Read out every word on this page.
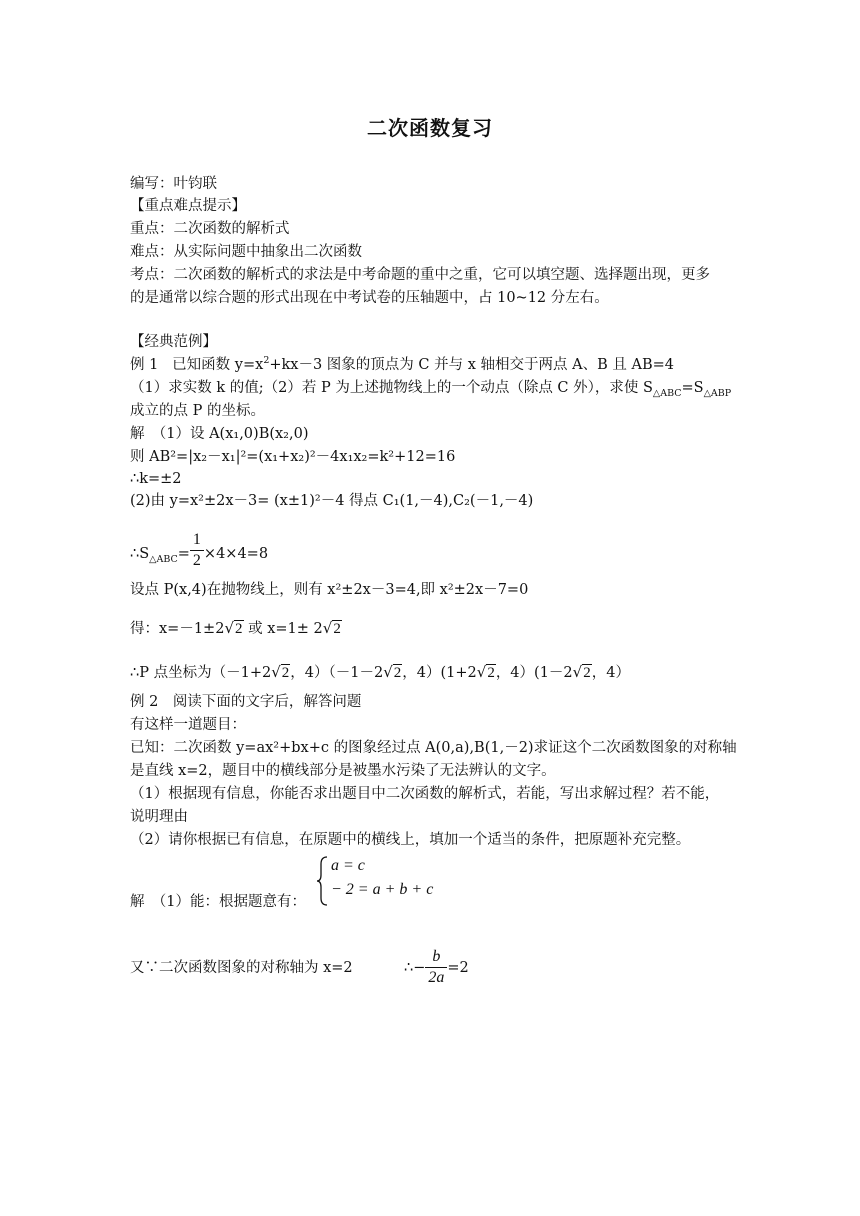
二次函数复习
编写：叶钧联
【重点难点提示】
重点：二次函数的解析式
难点：从实际问题中抽象出二次函数
考点：二次函数的解析式的求法是中考命题的重中之重，它可以填空题、选择题出现，更多
的是通常以综合题的形式出现在中考试卷的压轴题中，占 10~12 分左右。
【经典范例】
例 1 已知函数 $y=x^2+kx-3$ 图象的顶点为 C 并与 x 轴相交于两点 A、B 且 AB=4
（1）求实数 k 的值;（2）若 P 为上述抛物线上的一个动点（除点 C 外），求使 $S_{\triangle ABC}=S_{\triangle ABP}$
成立的点 P 的坐标。
解　（1）设 A(x₁,0)B(x₂,0)
则 AB²=|x₂－x₁|²=(x₁+x₂)²－4x₁x₂=k²+12=16
∴k=±2
(2)由 y=x²±2x－3= (x±1)²－4 得点 C₁(1,－4),C₂(－1,－4)
$\therefore S_{\triangle ABC}= \frac{1}{2} \times 4\times 4=8$
设点 P(x,4)在抛物线上，则有 x²±2x－3=4,即 x²±2x－7=0
得：x=－1±2√2 或 x=1± 2√2
∴P 点坐标为（－1+2√2，4）（－1－2√2，4）(1+2√2，4）(1－2√2，4）
例 2　阅读下面的文字后，解答问题
有这样一道题目：
已知：二次函数 y=ax²+bx+c 的图象经过点 A(0,a),B(1,－2)求证这个二次函数图象的对称轴
是直线 x=2，题目中的横线部分是被墨水污染了无法辨认的文字。
（1）根据现有信息，你能否求出题目中二次函数的解析式，若能，写出求解过程？若不能，
说明理由
（2）请你根据已有信息，在原题中的横线上，填加一个适当的条件，把原题补充完整。
解　（1）能：根据题意有：
a = c
− 2 = a + b + c
又∵二次函数图象的对称轴为 x=2	∴− $\frac{b}{2a} =2$
